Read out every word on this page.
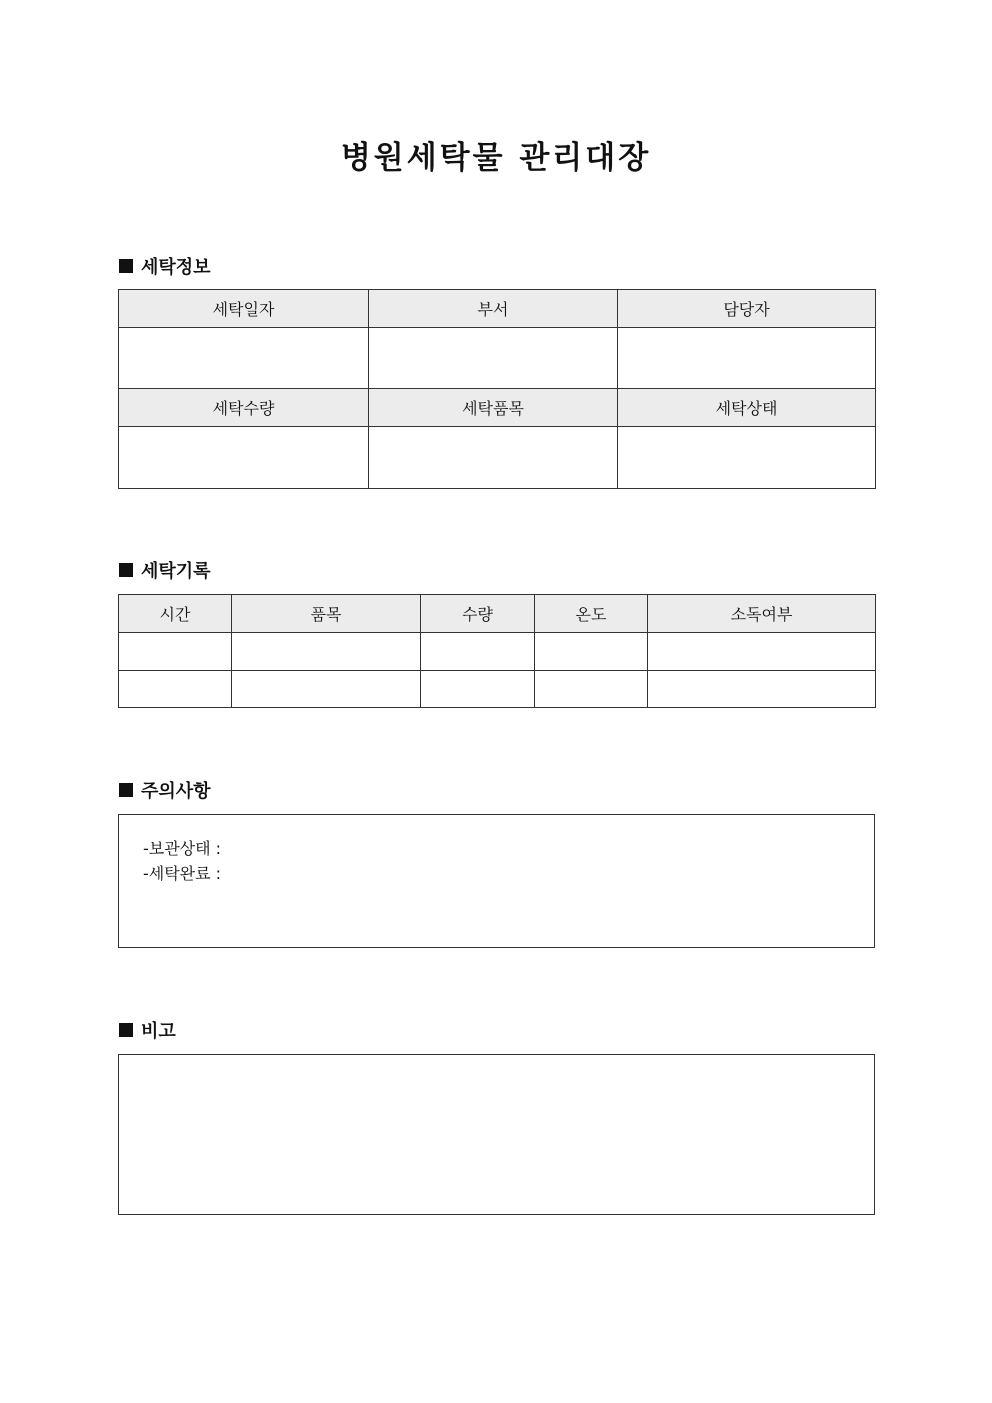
병원세탁물 관리대장
세탁정보
세탁일자	부서	담당자

세탁수량	세탁품목	세탁상태

세탁기록
시간	품목	수량	온도	소독여부

주의사항
-보관상태 :
-세탁완료 :
비고
